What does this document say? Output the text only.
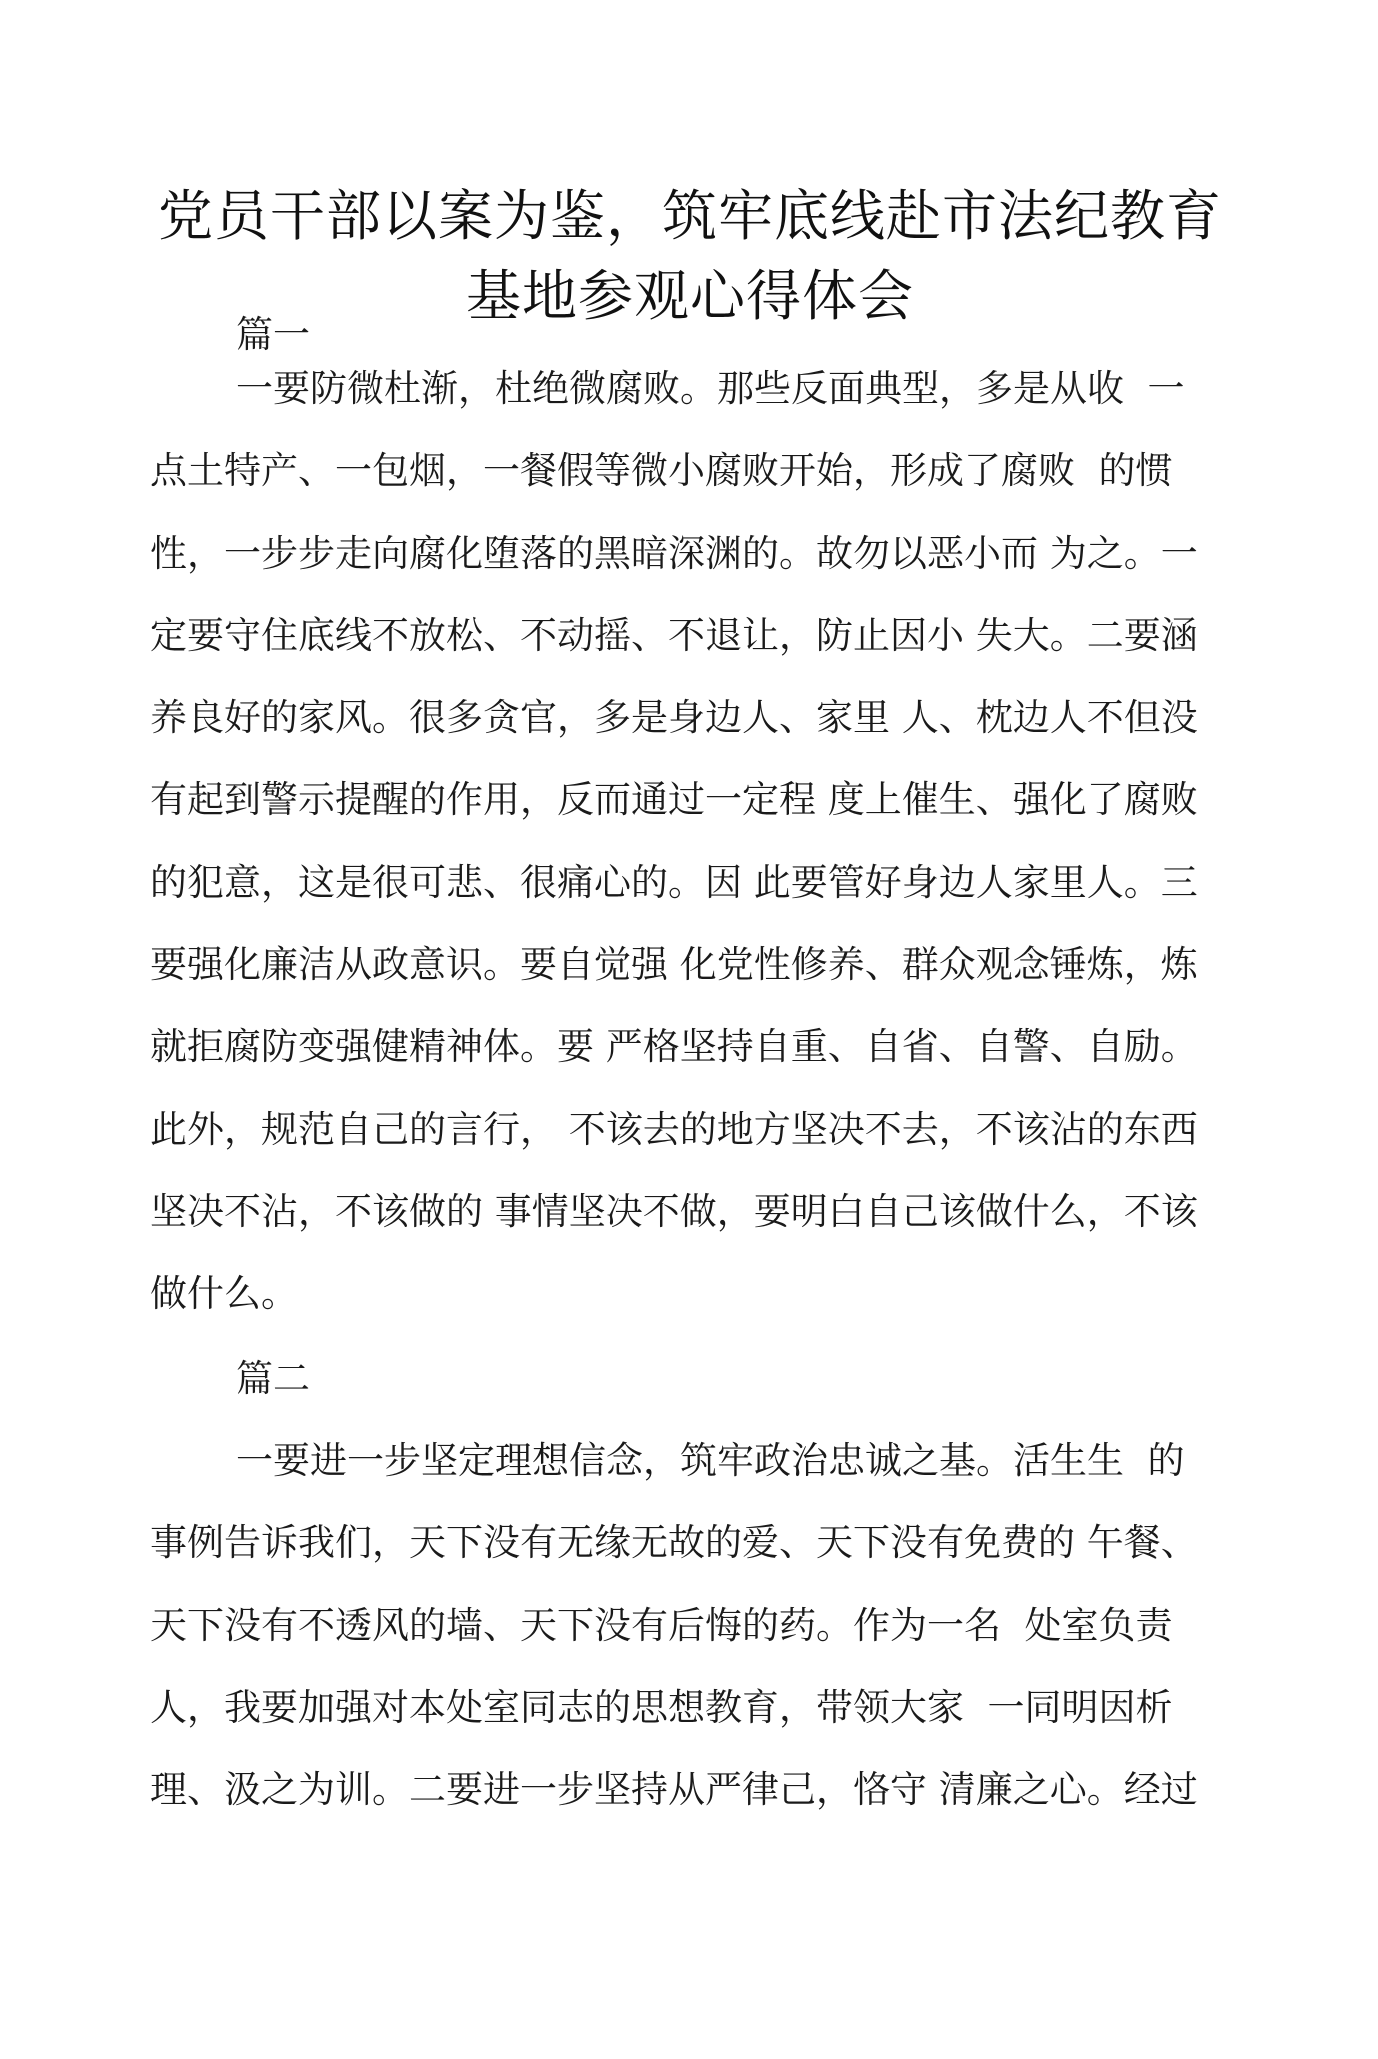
党员干部以案为鉴，筑牢底线赴市法纪教育
基地参观心得体会

篇一

一要防微杜渐，杜绝微腐败。那些反面典型，多是从收  一
点土特产、一包烟，一餐假等微小腐败开始，形成了腐败  的惯
性，一步步走向腐化堕落的黑暗深渊的。故勿以恶小而 为之。一
定要守住底线不放松、不动摇、不退让，防止因小 失大。二要涵
养良好的家风。很多贪官，多是身边人、家里 人、枕边人不但没
有起到警示提醒的作用，反而通过一定程 度上催生、强化了腐败
的犯意，这是很可悲、很痛心的。因 此要管好身边人家里人。三
要强化廉洁从政意识。要自觉强 化党性修养、群众观念锤炼，炼
就拒腐防变强健精神体。要 严格坚持自重、自省、自警、自励。
此外，规范自己的言行， 不该去的地方坚决不去，不该沾的东西
坚决不沾，不该做的 事情坚决不做，要明白自己该做什么，不该
做什么。

篇二

一要进一步坚定理想信念，筑牢政治忠诚之基。活生生  的
事例告诉我们，天下没有无缘无故的爱、天下没有免费的 午餐、
天下没有不透风的墙、天下没有后悔的药。作为一名  处室负责
人，我要加强对本处室同志的思想教育，带领大家  一同明因析
理、汲之为训。二要进一步坚持从严律己，恪守 清廉之心。经过
